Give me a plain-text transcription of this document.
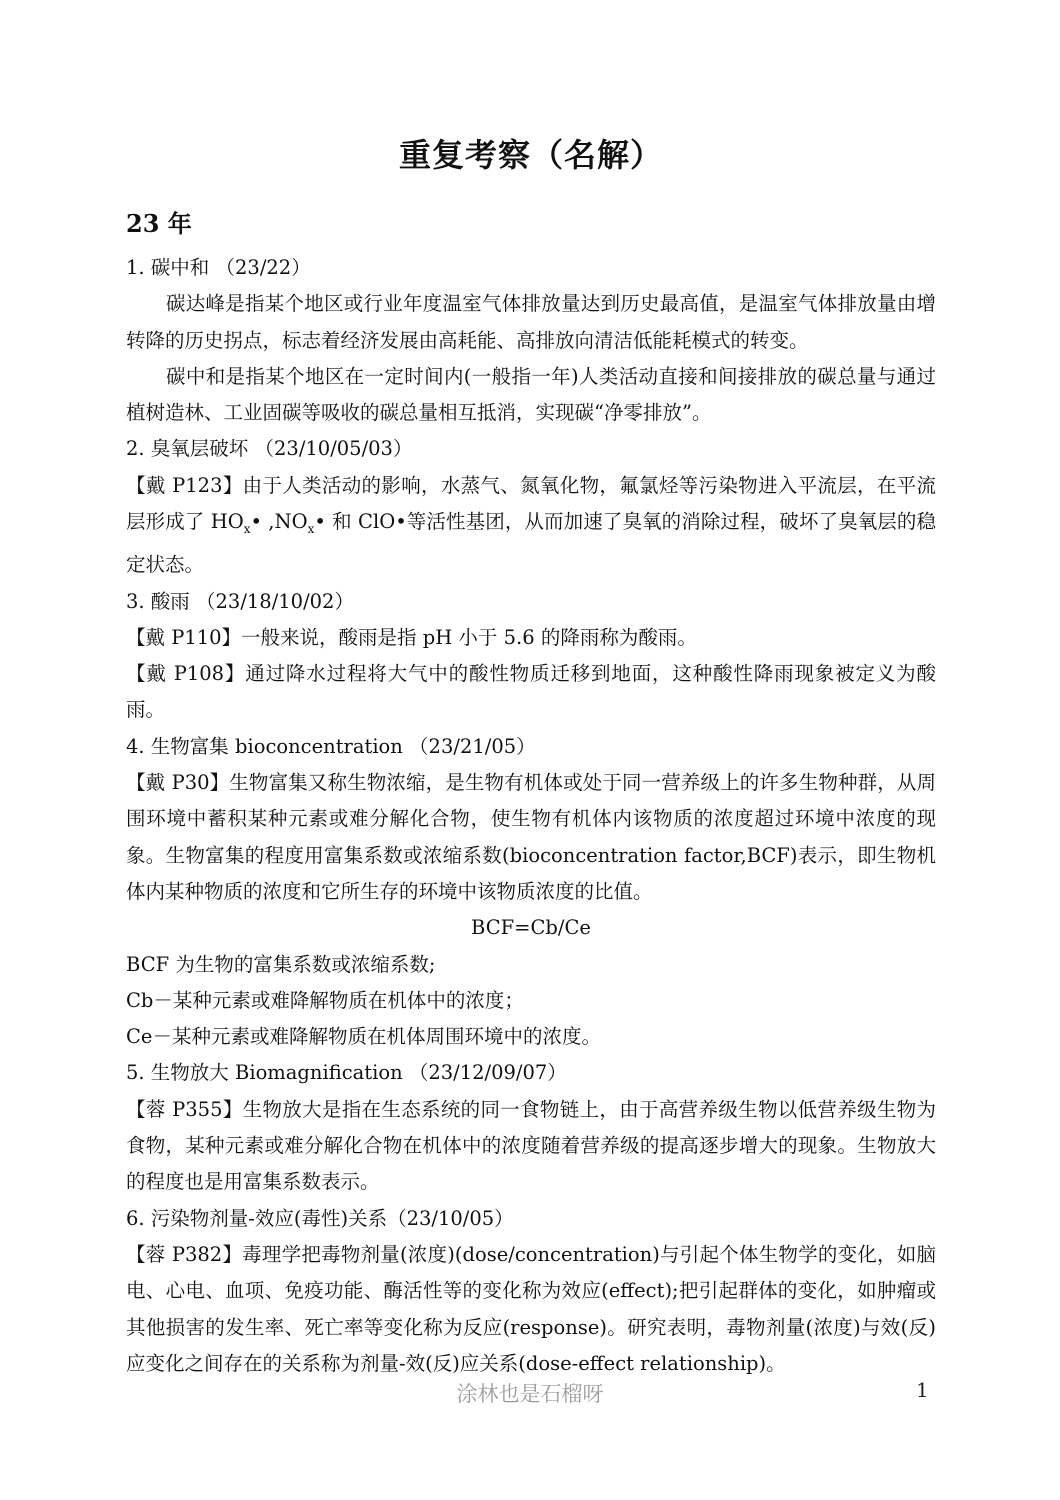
重复考察（名解）
23 年

1. 碳中和 （23/22）

碳达峰是指某个地区或行业年度温室气体排放量达到历史最高值，是温室气体排放量由增转降的历史拐点，标志着经济发展由高耗能、高排放向清洁低能耗模式的转变。

碳中和是指某个地区在一定时间内(一般指一年)人类活动直接和间接排放的碳总量与通过植树造林、工业固碳等吸收的碳总量相互抵消，实现碳“净零排放”。

2. 臭氧层破坏 （23/10/05/03）

【戴 P123】由于人类活动的影响，水蒸气、氮氧化物，氟氯烃等污染物进入平流层，在平流层形成了 $HO_x•$ $,NO_x•$ 和 ClO•等活性基团，从而加速了臭氧的消除过程，破坏了臭氧层的稳定状态。

3. 酸雨 （23/18/10/02）

【戴 P110】一般来说，酸雨是指 pH 小于 5.6 的降雨称为酸雨。

【戴 P108】通过降水过程将大气中的酸性物质迁移到地面，这种酸性降雨现象被定义为酸雨。

4. 生物富集 bioconcentration （23/21/05）

【戴 P30】生物富集又称生物浓缩，是生物有机体或处于同一营养级上的许多生物种群，从周围环境中蓄积某种元素或难分解化合物，使生物有机体内该物质的浓度超过环境中浓度的现象。生物富集的程度用富集系数或浓缩系数(bioconcentration factor,BCF)表示，即生物机体内某种物质的浓度和它所生存的环境中该物质浓度的比值。

BCF=Cb/Ce

BCF 为生物的富集系数或浓缩系数;

Cb－某种元素或难降解物质在机体中的浓度；

Ce－某种元素或难降解物质在机体周围环境中的浓度。

5. 生物放大 Biomagnification （23/12/09/07）

【蓉 P355】生物放大是指在生态系统的同一食物链上，由于高营养级生物以低营养级生物为食物，某种元素或难分解化合物在机体中的浓度随着营养级的提高逐步增大的现象。生物放大的程度也是用富集系数表示。

6. 污染物剂量-效应(毒性)关系（23/10/05）

【蓉 P382】毒理学把毒物剂量(浓度)(dose/concentration)与引起个体生物学的变化，如脑电、心电、血项、免疫功能、酶活性等的变化称为效应(effect);把引起群体的变化，如肿瘤或其他损害的发生率、死亡率等变化称为反应(response)。研究表明，毒物剂量(浓度)与效(反)应变化之间存在的关系称为剂量-效(反)应关系(dose-effect relationship)。

涂林也是石榴呀	1
